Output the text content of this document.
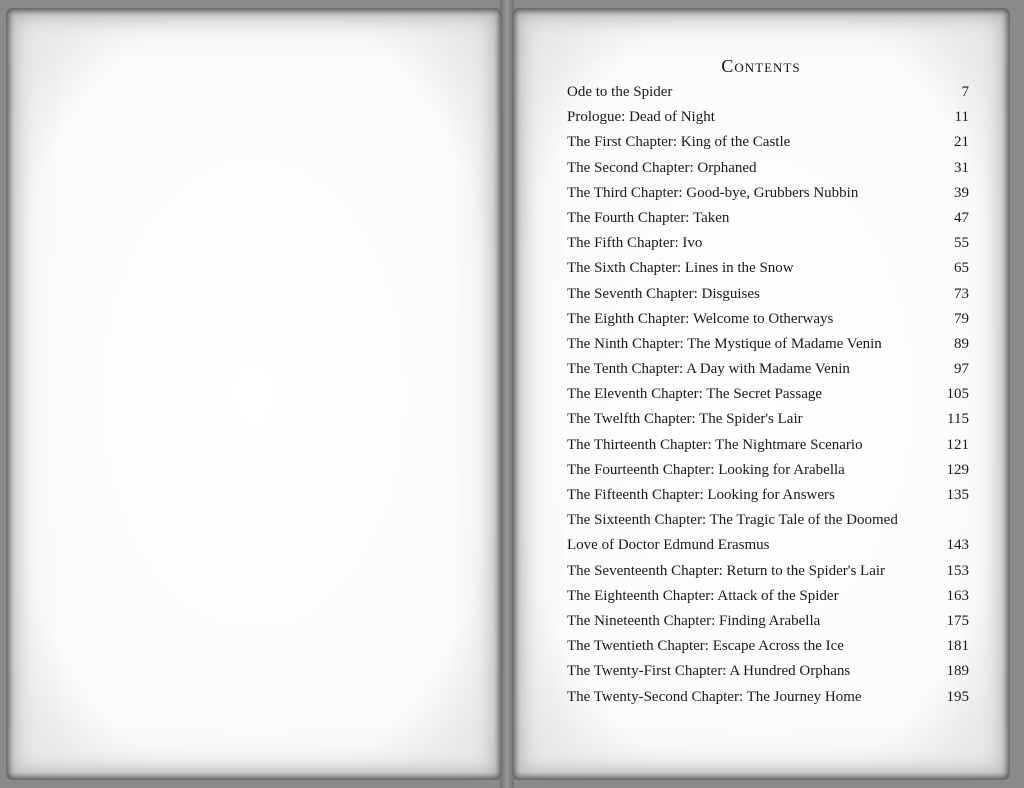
Contents
Ode to the Spider	7
Prologue: Dead of Night	11
The First Chapter: King of the Castle	21
The Second Chapter: Orphaned	31
The Third Chapter: Good-bye, Grubbers Nubbin	39
The Fourth Chapter: Taken	47
The Fifth Chapter: Ivo	55
The Sixth Chapter: Lines in the Snow	65
The Seventh Chapter: Disguises	73
The Eighth Chapter: Welcome to Otherways	79
The Ninth Chapter: The Mystique of Madame Venin	89
The Tenth Chapter: A Day with Madame Venin	97
The Eleventh Chapter: The Secret Passage	105
The Twelfth Chapter: The Spider's Lair	115
The Thirteenth Chapter: The Nightmare Scenario	121
The Fourteenth Chapter: Looking for Arabella	129
The Fifteenth Chapter: Looking for Answers	135
The Sixteenth Chapter: The Tragic Tale of the Doomed
Love of Doctor Edmund Erasmus	143
The Seventeenth Chapter: Return to the Spider's Lair	153
The Eighteenth Chapter: Attack of the Spider	163
The Nineteenth Chapter: Finding Arabella	175
The Twentieth Chapter: Escape Across the Ice	181
The Twenty-First Chapter: A Hundred Orphans	189
The Twenty-Second Chapter: The Journey Home	195
